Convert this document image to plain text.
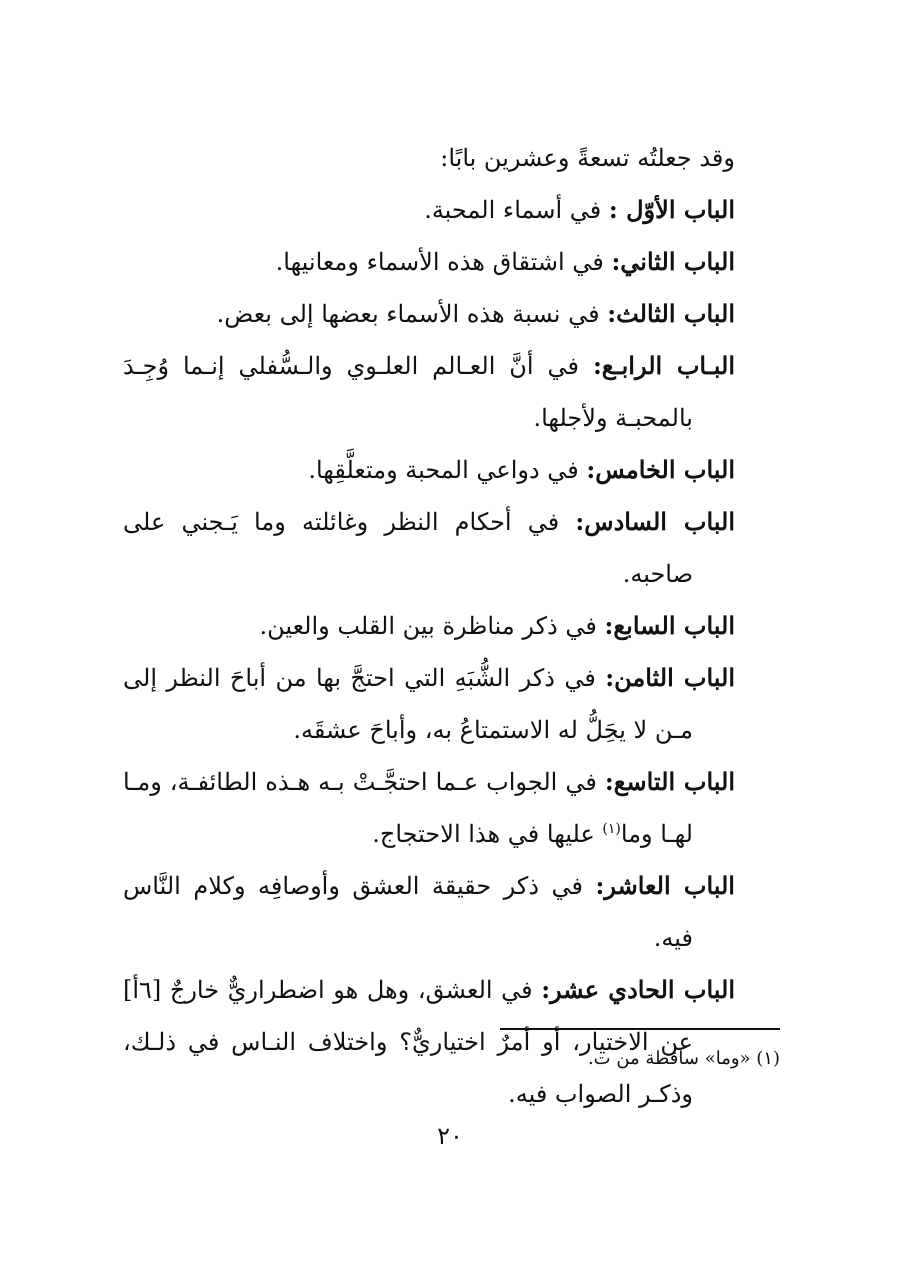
وقد جعلتُه تسعةً وعشرين بابًا:

الباب الأوّل : في أسماء المحبة.

الباب الثاني: في اشتقاق هذه الأسماء ومعانيها.

الباب الثالث: في نسبة هذه الأسماء بعضها إلى بعض.

البـاب الرابـع: في أنَّ العـالم العلـوي والـسُّفلي إنـما وُجِـدَ بالمحبـة ولأجلها.

الباب الخامس: في دواعي المحبة ومتعلَّقِها.

الباب السادس: في أحكام النظر وغائلته وما يَـجني على صاحبه.

الباب السابع: في ذكر مناظرة بين القلب والعين.

الباب الثامن: في ذكر الشُّبَهِ التي احتجَّ بها من أباحَ النظر إلى مـن لا يحَِلُّ له الاستمتاعُ به، وأباحَ عشقَه.

الباب التاسع: في الجواب عـما احتجَّـتْ بـه هـذه الطائفـة، ومـا لهـا وما$^{(١)}$ عليها في هذا الاحتجاج.

الباب العاشر: في ذكر حقيقة العشق وأوصافِه وكلام النَّاس فيه.

الباب الحادي عشر: في العشق، وهل هو اضطراريٌّ خارجٌ [٦أ] عن الاختيار، أو أمرٌ اختياريٌّ؟ واختلاف النـاس في ذلـك، وذكـر الصواب فيه.

(١) «وما» ساقطة من ت.

٢٠
